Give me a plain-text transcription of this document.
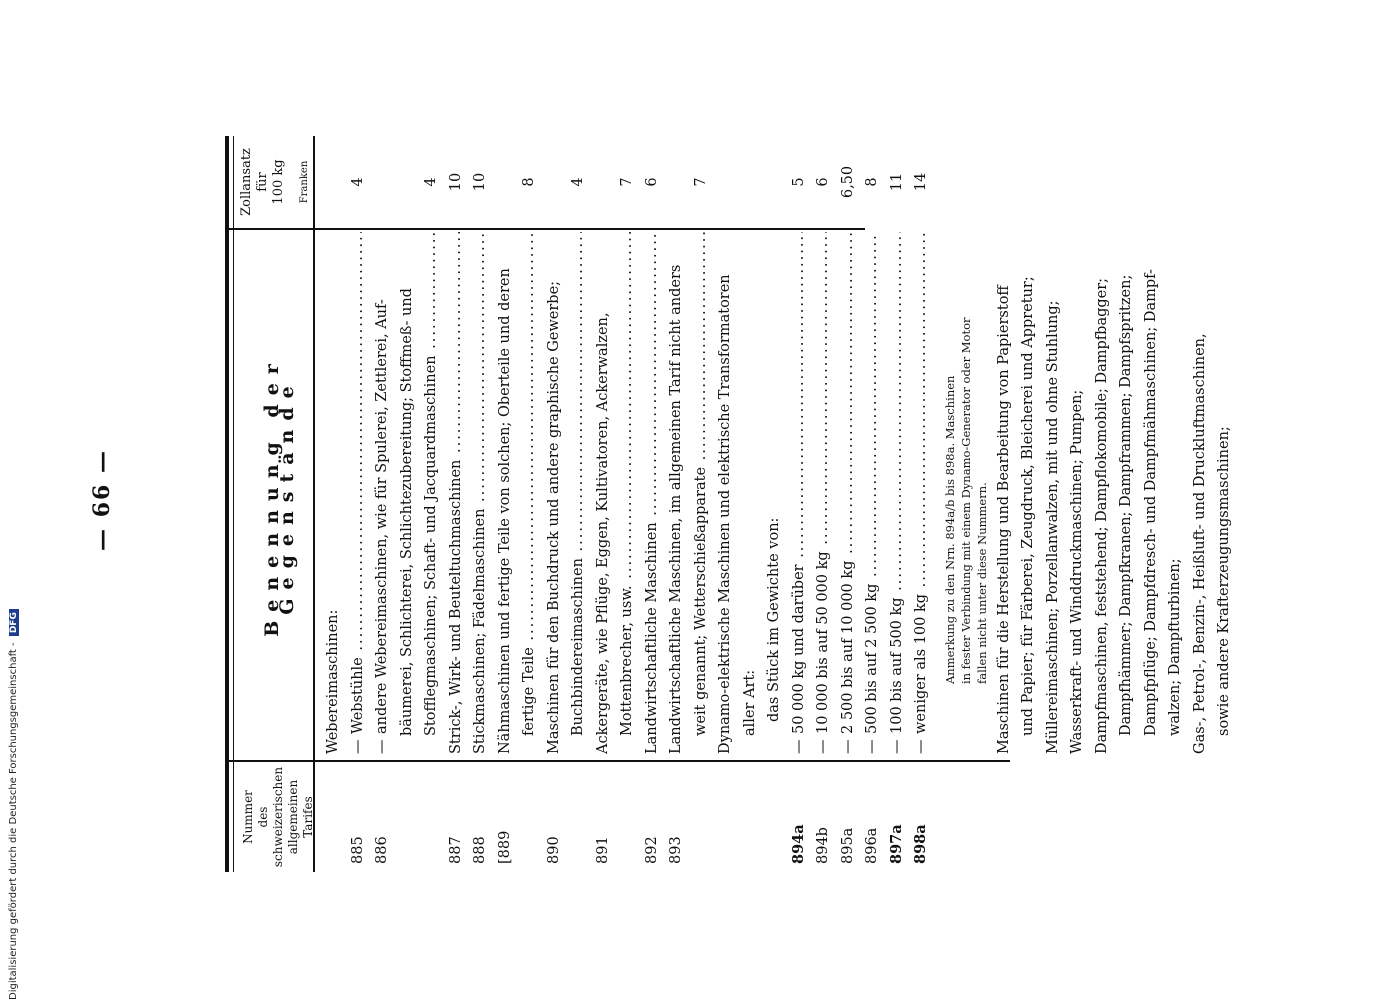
— 66 —
Nummer des schweizerischen allgemeinen Tarifes
Benennung der Gegenstände
Zollansatz für 100 kg Franken
Webereimaschinen:
885
—
Webstühle .....
4
886
—
andere Webereimaschinen, wie für Spulerei, Zettlerei, Auf- bäumerei, Schlichterei, Schlichtezubereitung; Stoffmeß- und Stofflegmaschinen; Schaft- und Jacquardmaschinen .....
4
887
Strick-, Wirk- und Beuteltuchmaschinen .....
10
888
Stickmaschinen; Fädelmaschinen .....
10
[889
Nähmaschinen und fertige Teile von solchen; Oberteile und deren fertige Teile .....
8
890
Maschinen für den Buchdruck und andere graphische Gewerbe; Buchbindereimaschinen .....
4
891
Ackergeräte, wie Pflüge, Eggen, Kultivatoren, Ackerwalzen, Mottenbrecher, usw. .....
7
892
Landwirtschaftliche Maschinen .....
6
893
Landwirtschaftliche Maschinen, im allgemeinen Tarif nicht anders weit genannt; Wetterschießapparate .....
7
Dynamo-elektrische Maschinen und elektrische Transformatoren aller Art: das Stück im Gewichte von:
894a
—
50 000 kg und darüber .....
5
894b
—
10 000 bis auf 50 000 kg .....
6
895a
—
2 500 bis auf 10 000 kg .....
6,50
896a
—
500 bis auf 2 500 kg .....
8
897a
—
100 bis auf 500 kg .....
11
898a
—
weniger als 100 kg .....
14
Anmerkung zu den Nrn. 894a/b bis 898a. Maschinen in fester Verbindung mit einem Dynamo-Generator oder Motor fallen nicht unter diese Nummern. Maschinen für die Herstellung und Bearbeitung von Papierstoff und Papier; für Färberei, Zeugdruck, Bleicherei und Appretur; Müllereimaschinen; Porzellanwalzen, mit und ohne Stuhlung; Wasserkraft- und Winddruckmaschinen; Pumpen; Dampfmaschinen, feststehend; Dampflokomobile; Dampfbagger; Dampfhämmer; Dampfkranen; Dampframmen; Dampfspritzen; Dampfpflüge; Dampfdresch- und Dampfmähmaschinen; Dampf- walzen; Dampfturbinen; Gas-, Petrol-, Benzin-, Heißluft- und Druckluftmaschinen, sowie andere Krafterzeugungsmaschinen;
Digitalisierung gefördert durch die Deutsche Forschungsgemeinschaft - DFG
